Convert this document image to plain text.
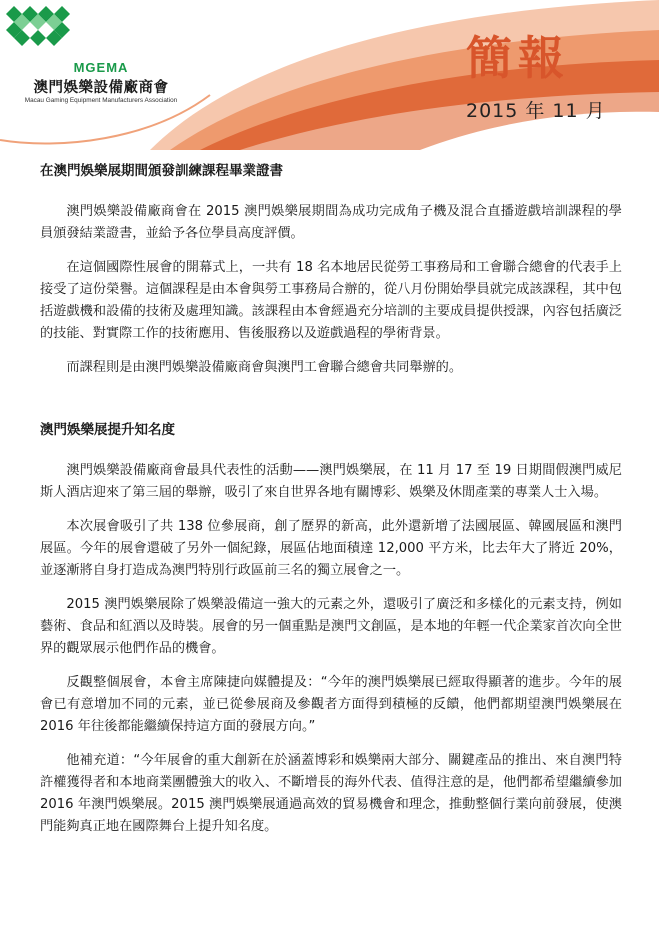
MGEMA
澳門娛樂設備廠商會
Macau Gaming Equipment Manufacturers Association
簡報
2015 年 11 月

在澳門娛樂展期間頒發訓練課程畢業證書

澳門娛樂設備廠商會在 2015 澳門娛樂展期間為成功完成角子機及混合直播遊戲培訓課程的學員頒發結業證書，並給予各位學員高度評價。

在這個國際性展會的開幕式上，一共有 18 名本地居民從勞工事務局和工會聯合總會的代表手上接受了這份榮譽。這個課程是由本會與勞工事務局合辦的，從八月份開始學員就完成該課程，其中包括遊戲機和設備的技術及處理知識。該課程由本會經過充分培訓的主要成員提供授課，內容包括廣泛的技能、對實際工作的技術應用、售後服務以及遊戲過程的學術背景。

而課程則是由澳門娛樂設備廠商會與澳門工會聯合總會共同舉辦的。

澳門娛樂展提升知名度

澳門娛樂設備廠商會最具代表性的活動——澳門娛樂展，在 11 月 17 至 19 日期間假澳門威尼斯人酒店迎來了第三屆的舉辦，吸引了來自世界各地有關博彩、娛樂及休閒產業的專業人士入場。

本次展會吸引了共 138 位參展商，創了歷界的新高，此外還新增了法國展區、韓國展區和澳門展區。今年的展會還破了另外一個紀錄，展區佔地面積達 12,000 平方米，比去年大了將近 20%，並逐漸將自身打造成為澳門特別行政區前三名的獨立展會之一。

2015 澳門娛樂展除了娛樂設備這一強大的元素之外，還吸引了廣泛和多樣化的元素支持，例如藝術、食品和紅酒以及時裝。展會的另一個重點是澳門文創區，是本地的年輕一代企業家首次向全世界的觀眾展示他們作品的機會。

反觀整個展會，本會主席陳捷向媒體提及：“今年的澳門娛樂展已經取得顯著的進步。今年的展會已有意增加不同的元素，並已從參展商及參觀者方面得到積極的反饋，他們都期望澳門娛樂展在 2016 年往後都能繼續保持這方面的發展方向。”

他補充道：“今年展會的重大創新在於涵蓋博彩和娛樂兩大部分、關鍵產品的推出、來自澳門特許權獲得者和本地商業團體強大的收入、不斷增長的海外代表、值得注意的是，他們都希望繼續參加 2016 年澳門娛樂展。2015 澳門娛樂展通過高效的貿易機會和理念，推動整個行業向前發展，使澳門能夠真正地在國際舞台上提升知名度。
